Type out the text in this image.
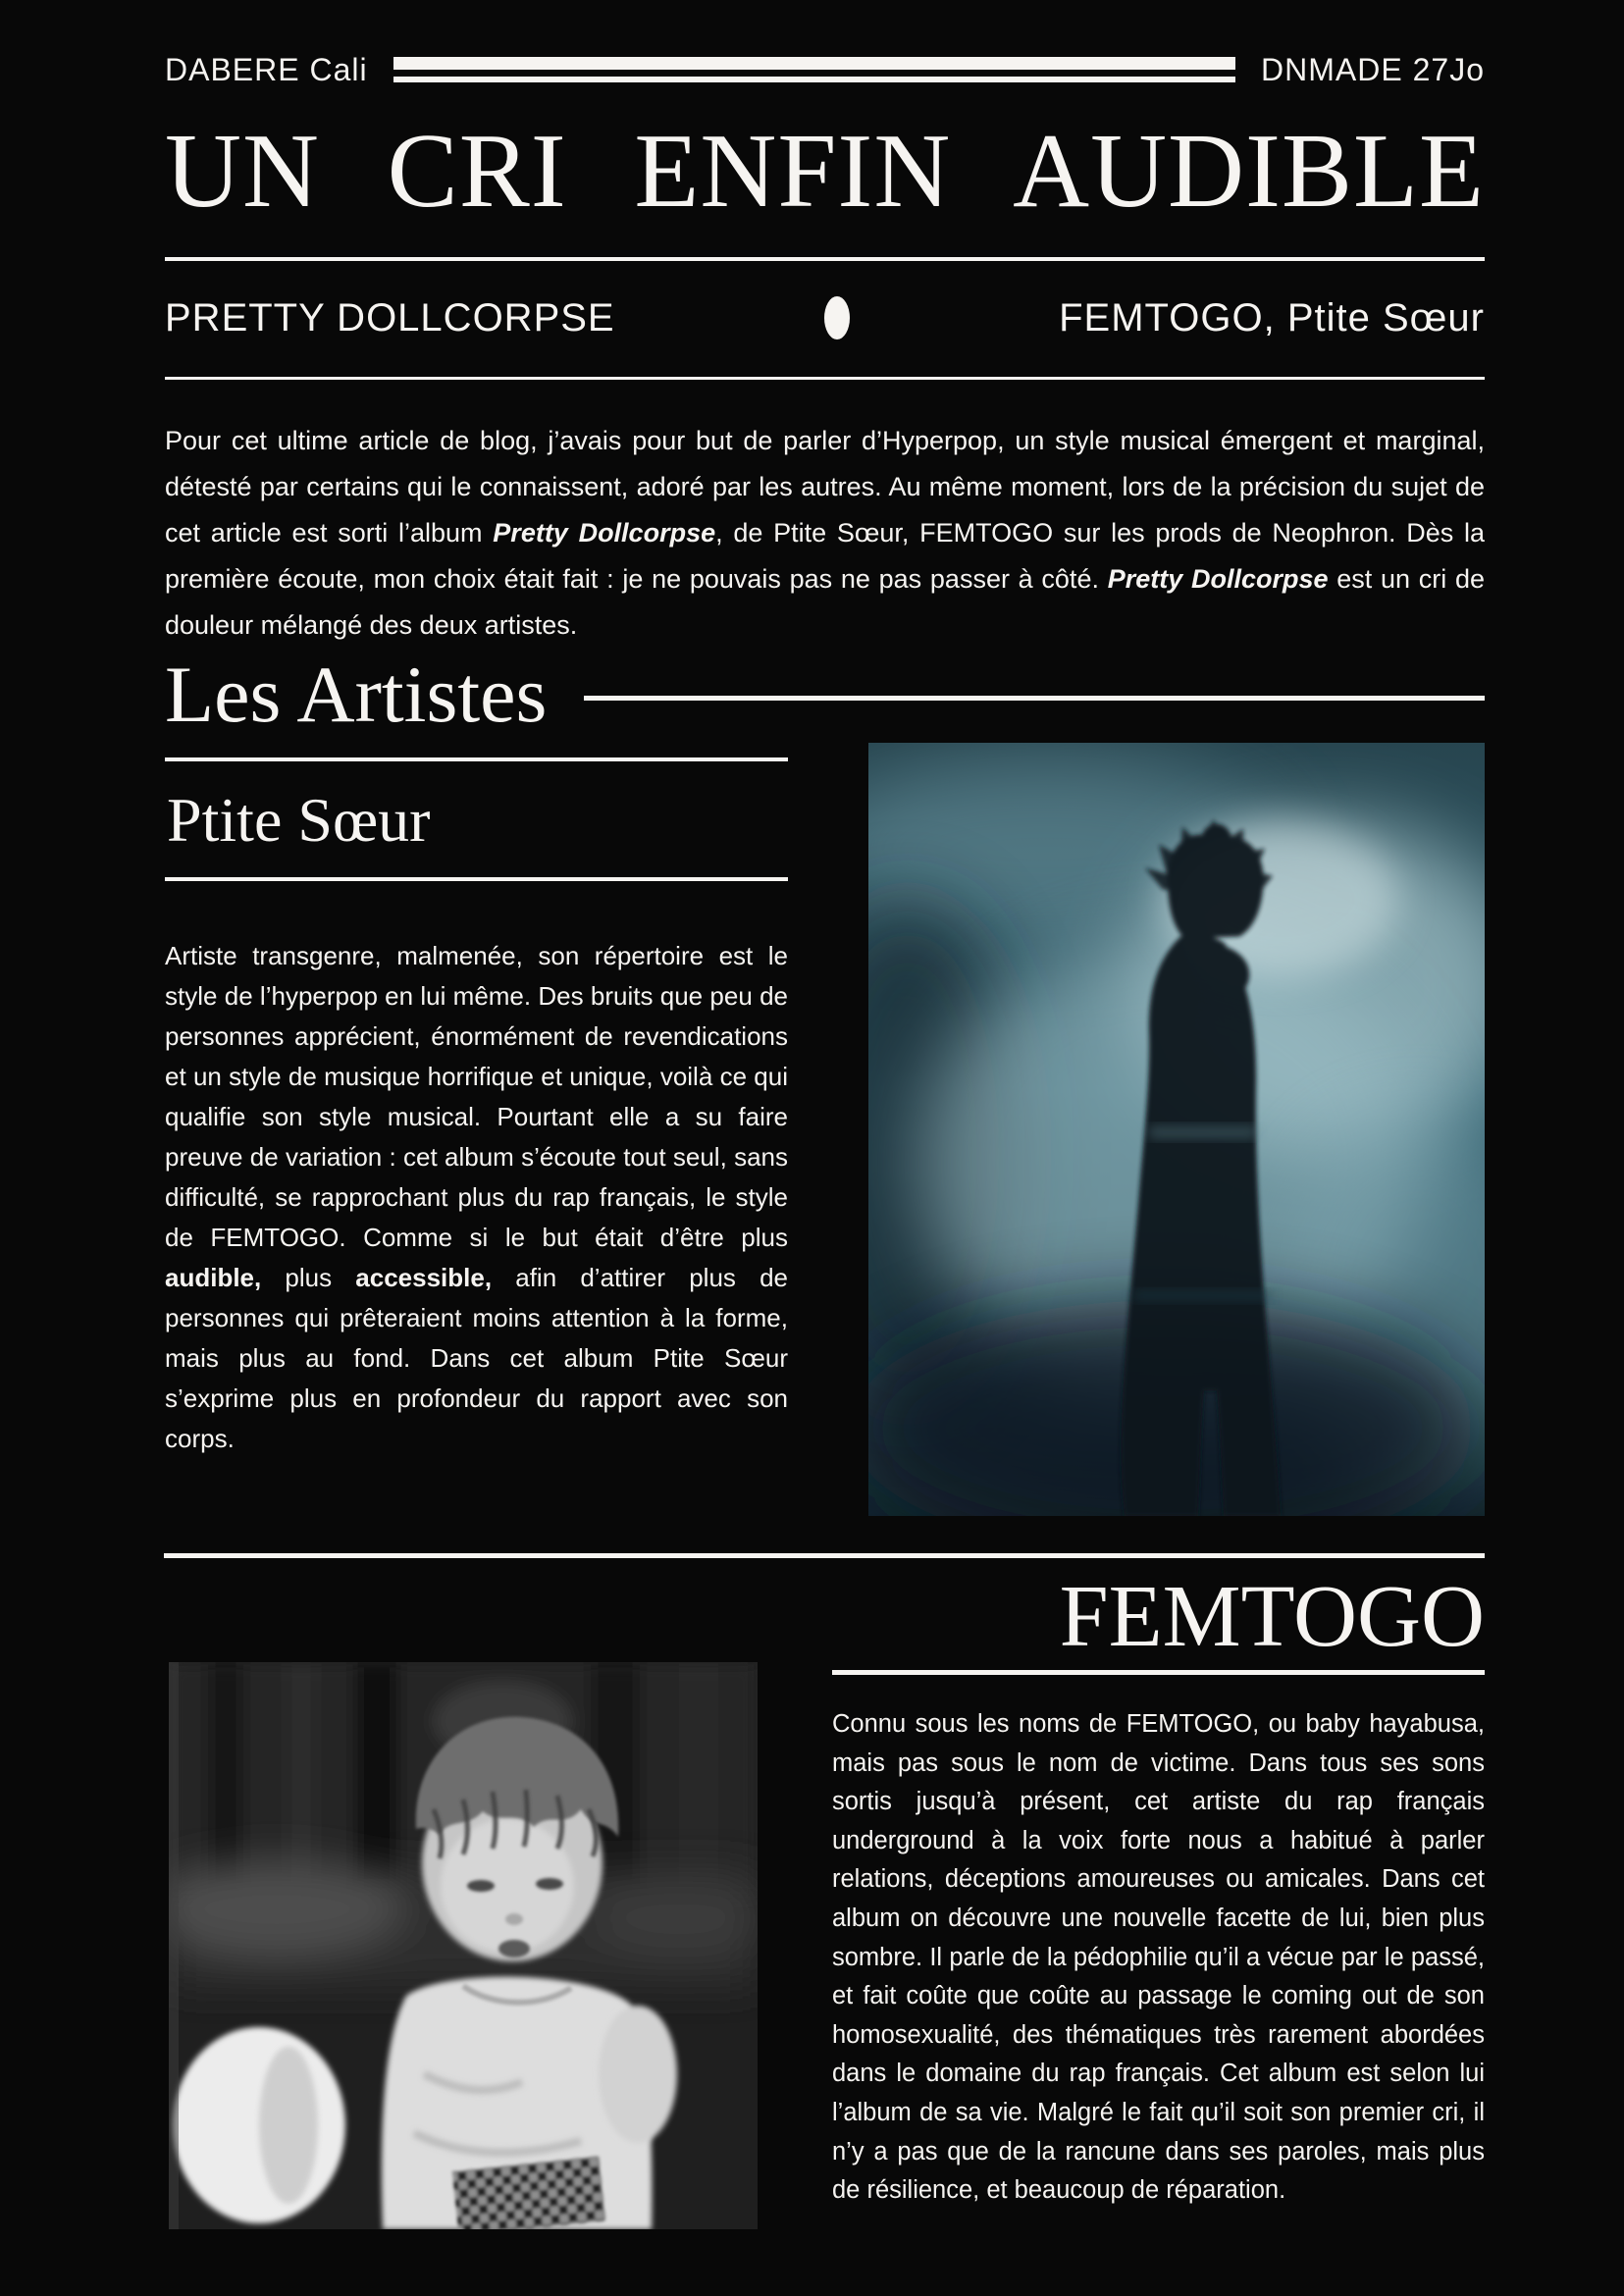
DABERE Cali	DNMADE 27Jo
UN CRI ENFIN AUDIBLE
PRETTY DOLLCORPSE	FEMTOGO, Ptite Sœur

Pour cet ultime article de blog, j’avais pour but de parler d’Hyperpop, un style musical émergent et marginal, détesté par certains qui le connaissent, adoré par les autres. Au même moment, lors de la précision du sujet de cet article est sorti l’album Pretty Dollcorpse, de Ptite Sœur, FEMTOGO sur les prods de Neophron. Dès la première écoute, mon choix était fait : je ne pouvais pas ne pas passer à côté. Pretty Dollcorpse est un cri de douleur mélangé des deux artistes.

Les Artistes
Ptite Sœur

Artiste transgenre, malmenée, son répertoire est le style de l’hyperpop en lui même. Des bruits que peu de personnes apprécient, énormément de revendications et un style de musique horrifique et unique, voilà ce qui qualifie son style musical. Pourtant elle a su faire preuve de variation : cet album s’écoute tout seul, sans difficulté, se rapprochant plus du rap français, le style de FEMTOGO. Comme si le but était d’être plus audible, plus accessible, afin d’attirer plus de personnes qui prêteraient moins attention à la forme, mais plus au fond. Dans cet album Ptite Sœur s’exprime plus en profondeur du rapport avec son corps.

FEMTOGO

Connu sous les noms de FEMTOGO, ou baby hayabusa, mais pas sous le nom de victime. Dans tous ses sons sortis jusqu’à présent, cet artiste du rap français underground à la voix forte nous a habitué à parler relations, déceptions amoureuses ou amicales. Dans cet album on découvre une nouvelle facette de lui, bien plus sombre. Il parle de la pédophilie qu’il a vécue par le passé, et fait coûte que coûte au passage le coming out de son homosexualité, des thématiques très rarement abordées dans le domaine du rap français. Cet album est selon lui l’album de sa vie. Malgré le fait qu’il soit son premier cri, il n’y a pas que de la rancune dans ses paroles, mais plus de résilience, et beaucoup de réparation.
